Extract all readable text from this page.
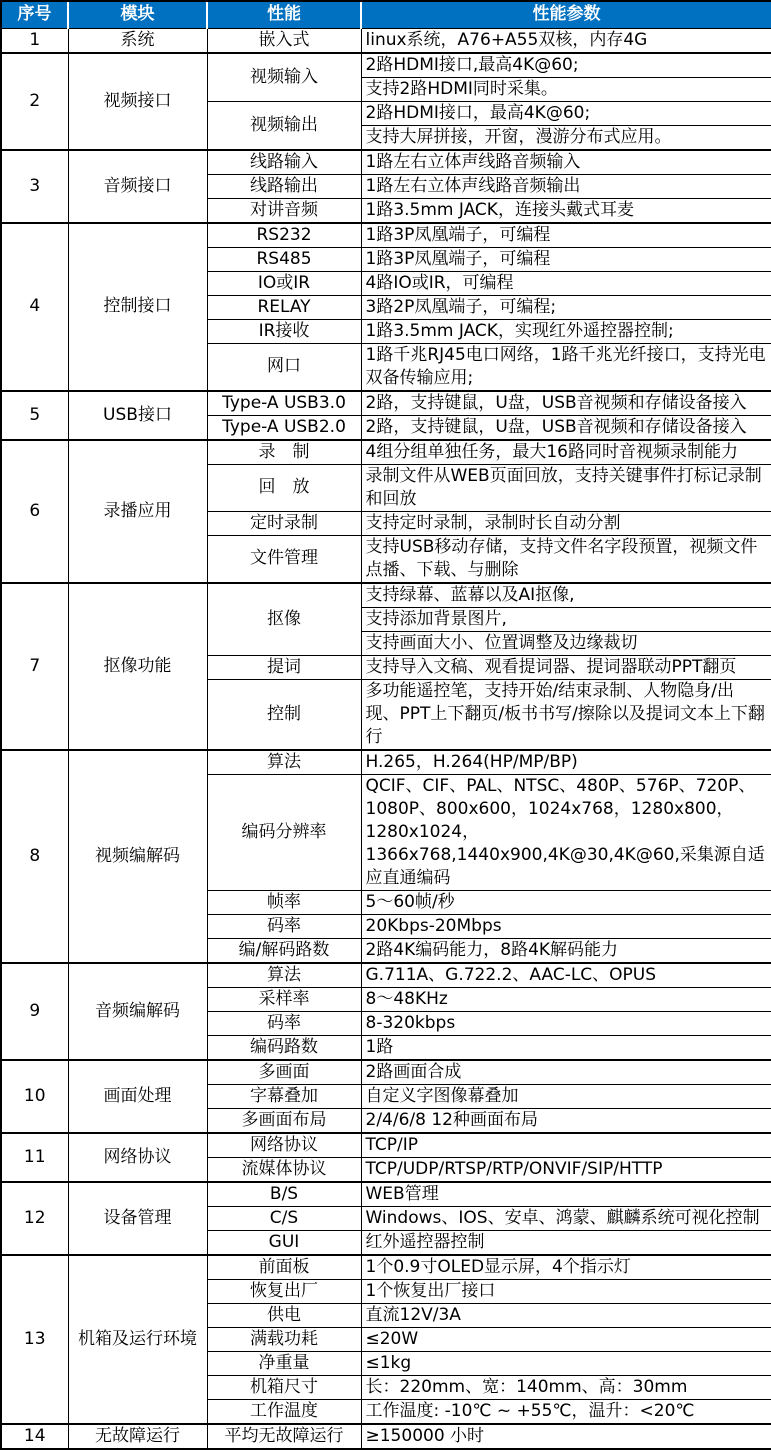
序号	模块	性能	性能参数
1	系统	嵌入式	linux系统，A76+A55双核，内存4G
2	视频接口	视频输入	2路HDMI接口,最高4K@60;
			支持2路HDMI同时采集。
		视频输出	2路HDMI接口，最高4K@60;
			支持大屏拼接，开窗，漫游分布式应用。
3	音频接口	线路输入	1路左右立体声线路音频输入
		线路输出	1路左右立体声线路音频输出
		对讲音频	1路3.5mm JACK，连接头戴式耳麦
4	控制接口	RS232	1路3P凤凰端子，可编程
		RS485	1路3P凤凰端子，可编程
		IO或IR	4路IO或IR，可编程
		RELAY	3路2P凤凰端子，可编程;
		IR接收	1路3.5mm JACK，实现红外遥控器控制;
		网口	1路千兆RJ45电口网络，1路千兆光纤接口，支持光电双备传输应用;
5	USB接口	Type-A USB3.0	2路，支持键鼠，U盘，USB音视频和存储设备接入
		Type-A USB2.0	2路，支持键鼠，U盘，USB音视频和存储设备接入
6	录播应用	录　制	4组分组单独任务，最大16路同时音视频录制能力
		回　放	录制文件从WEB页面回放，支持关键事件打标记录制和回放
		定时录制	支持定时录制，录制时长自动分割
		文件管理	支持USB移动存储，支持文件名字段预置，视频文件点播、下载、与删除
7	抠像功能	抠像	支持绿幕、蓝幕以及AI抠像,
			支持添加背景图片,
			支持画面大小、位置调整及边缘裁切
		提词	支持导入文稿、观看提词器、提词器联动PPT翻页
		控制	多功能遥控笔，支持开始/结束录制、人物隐身/出现、PPT上下翻页/板书书写/擦除以及提词文本上下翻行
8	视频编解码	算法	H.265，H.264(HP/MP/BP)
		编码分辨率	QCIF、CIF、PAL、NTSC、480P、576P、720P、1080P、800x600，1024x768，1280x800，1280x1024，1366x768,1440x900,4K@30,4K@60,采集源自适应直通编码
		帧率	5～60帧/秒
		码率	20Kbps-20Mbps
		编/解码路数	2路4K编码能力，8路4K解码能力
9	音频编解码	算法	G.711A、G.722.2、AAC-LC、OPUS
		采样率	8～48KHz
		码率	8-320kbps
		编码路数	1路
10	画面处理	多画面	2路画面合成
		字幕叠加	自定义字图像幕叠加
		多画面布局	2/4/6/8 12种画面布局
11	网络协议	网络协议	TCP/IP
		流媒体协议	TCP/UDP/RTSP/RTP/ONVIF/SIP/HTTP
12	设备管理	B/S	WEB管理
		C/S	Windows、IOS、安卓、鸿蒙、麒麟系统可视化控制
		GUI	红外遥控器控制
13	机箱及运行环境	前面板	1个0.9寸OLED显示屏，4个指示灯
		恢复出厂	1个恢复出厂接口
		供电	直流12V/3A
		满载功耗	≤20W
		净重量	≤1kg
		机箱尺寸	长：220mm、宽：140mm、高：30mm
		工作温度	工作温度: -10℃ ~ +55℃，温升：<20℃
14	无故障运行	平均无故障运行	≥150000 小时
